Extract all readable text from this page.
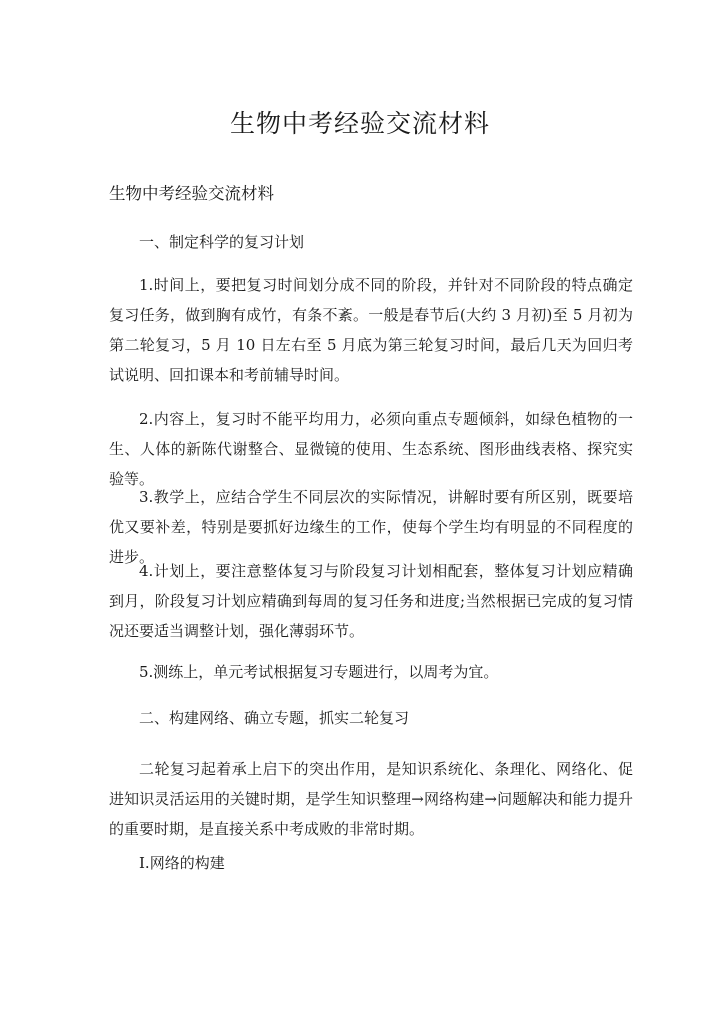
生物中考经验交流材料
生物中考经验交流材料
一、制定科学的复习计划
1.时间上，要把复习时间划分成不同的阶段，并针对不同阶段的特点确定复习任务，做到胸有成竹，有条不紊。一般是春节后(大约 3 月初)至 5 月初为第二轮复习，5 月 10 日左右至 5 月底为第三轮复习时间，最后几天为回归考试说明、回扣课本和考前辅导时间。
2.内容上，复习时不能平均用力，必须向重点专题倾斜，如绿色植物的一生、人体的新陈代谢整合、显微镜的使用、生态系统、图形曲线表格、探究实验等。
3.教学上，应结合学生不同层次的实际情况，讲解时要有所区别，既要培优又要补差，特别是要抓好边缘生的工作，使每个学生均有明显的不同程度的进步。
4.计划上，要注意整体复习与阶段复习计划相配套，整体复习计划应精确到月，阶段复习计划应精确到每周的复习任务和进度;当然根据已完成的复习情况还要适当调整计划，强化薄弱环节。
5.测练上，单元考试根据复习专题进行，以周考为宜。
二、构建网络、确立专题，抓实二轮复习
二轮复习起着承上启下的突出作用，是知识系统化、条理化、网络化、促进知识灵活运用的关键时期，是学生知识整理→网络构建→问题解决和能力提升的重要时期，是直接关系中考成败的非常时期。
Ⅰ.网络的构建
